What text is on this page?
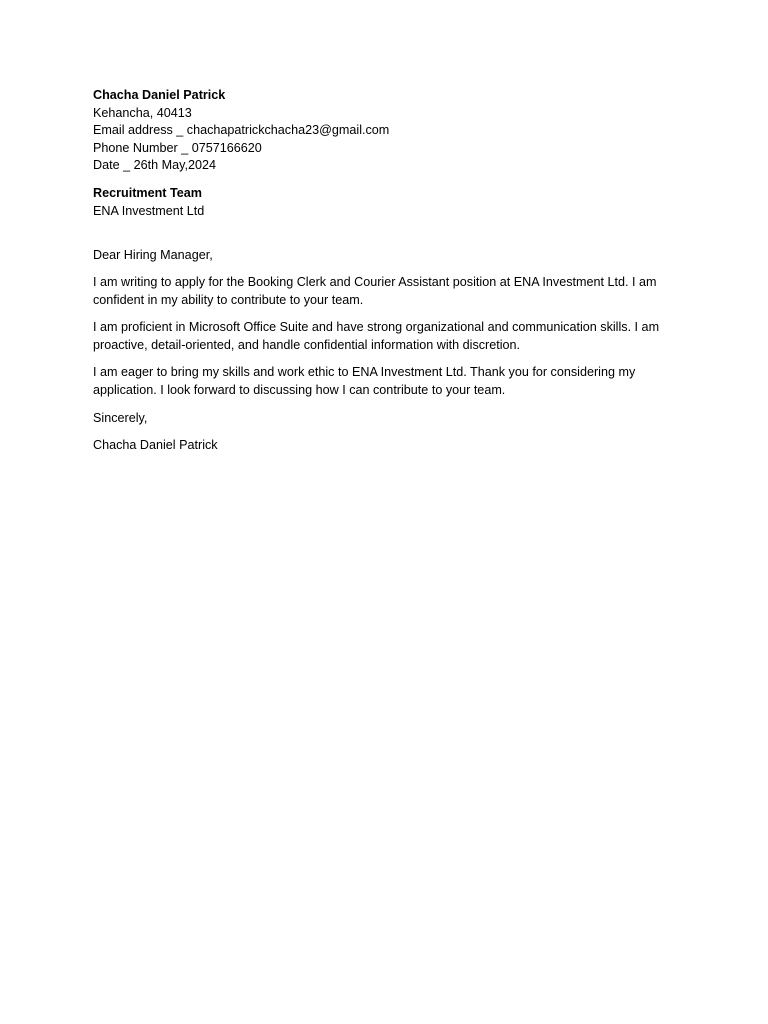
Chacha Daniel Patrick
Kehancha, 40413
Email address _ chachapatrickchacha23@gmail.com
Phone Number _ 0757166620
Date _ 26th May,2024
Recruitment Team
ENA Investment Ltd
Dear Hiring Manager,
I am writing to apply for the Booking Clerk and Courier Assistant position at ENA Investment Ltd. I am confident in my ability to contribute to your team.
I am proficient in Microsoft Office Suite and have strong organizational and communication skills. I am proactive, detail-oriented, and handle confidential information with discretion.
I am eager to bring my skills and work ethic to ENA Investment Ltd. Thank you for considering my application. I look forward to discussing how I can contribute to your team.
Sincerely,
Chacha Daniel Patrick
